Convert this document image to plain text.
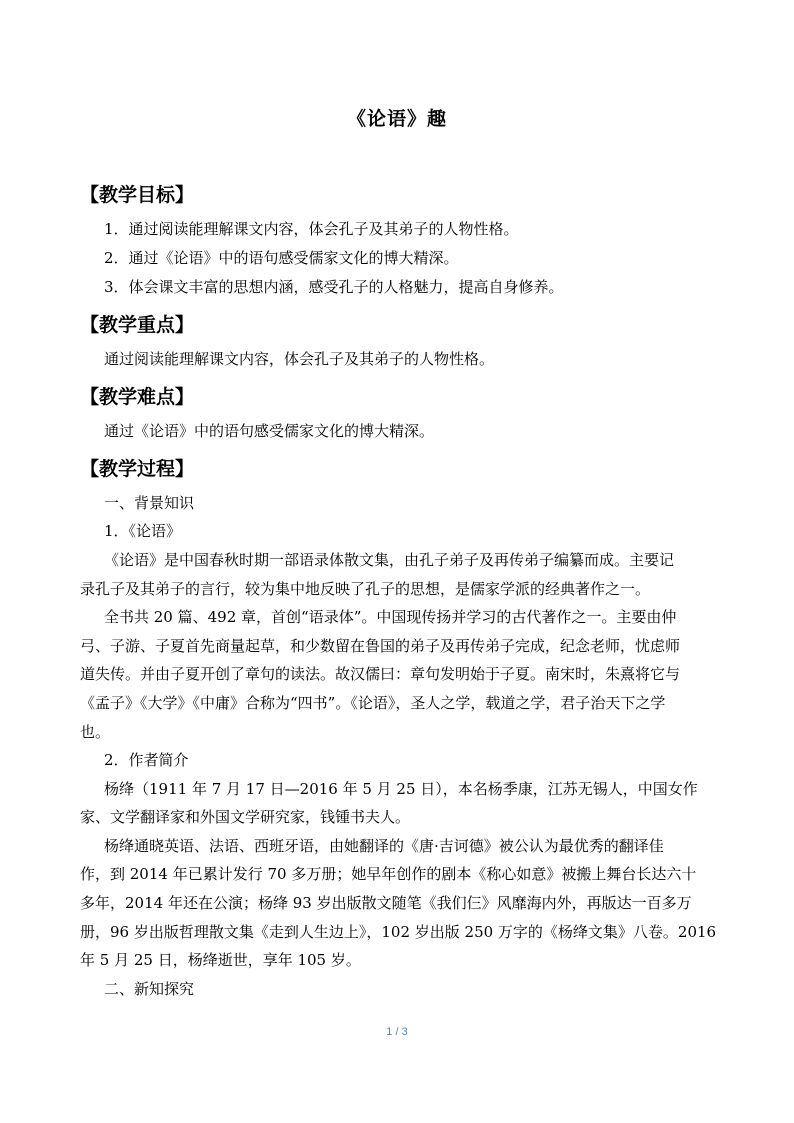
《论语》趣
【教学目标】
1．通过阅读能理解课文内容，体会孔子及其弟子的人物性格。
2．通过《论语》中的语句感受儒家文化的博大精深。
3．体会课文丰富的思想内涵，感受孔子的人格魅力，提高自身修养。
【教学重点】
通过阅读能理解课文内容，体会孔子及其弟子的人物性格。
【教学难点】
通过《论语》中的语句感受儒家文化的博大精深。
【教学过程】
一、背景知识
1．《论语》
《论语》是中国春秋时期一部语录体散文集，由孔子弟子及再传弟子编纂而成。主要记
录孔子及其弟子的言行，较为集中地反映了孔子的思想，是儒家学派的经典著作之一。
全书共 20 篇、492 章，首创“语录体”。中国现传扬并学习的古代著作之一。主要由仲
弓、子游、子夏首先商量起草，和少数留在鲁国的弟子及再传弟子完成，纪念老师，忧虑师
道失传。并由子夏开创了章句的读法。故汉儒曰：章句发明始于子夏。南宋时，朱熹将它与
《孟子》《大学》《中庸》合称为“四书”。《论语》，圣人之学，载道之学，君子治天下之学
也。
2．作者简介
杨绛（1911 年 7 月 17 日—2016 年 5 月 25 日），本名杨季康，江苏无锡人，中国女作
家、文学翻译家和外国文学研究家，钱锺书夫人。
杨绛通晓英语、法语、西班牙语，由她翻译的《唐·吉诃德》被公认为最优秀的翻译佳
作，到 2014 年已累计发行 70 多万册；她早年创作的剧本《称心如意》被搬上舞台长达六十
多年，2014 年还在公演；杨绛 93 岁出版散文随笔《我们仨》风靡海内外，再版达一百多万
册，96 岁出版哲理散文集《走到人生边上》，102 岁出版 250 万字的《杨绛文集》八卷。2016
年 5 月 25 日，杨绛逝世，享年 105 岁。
二、新知探究
1 / 3
